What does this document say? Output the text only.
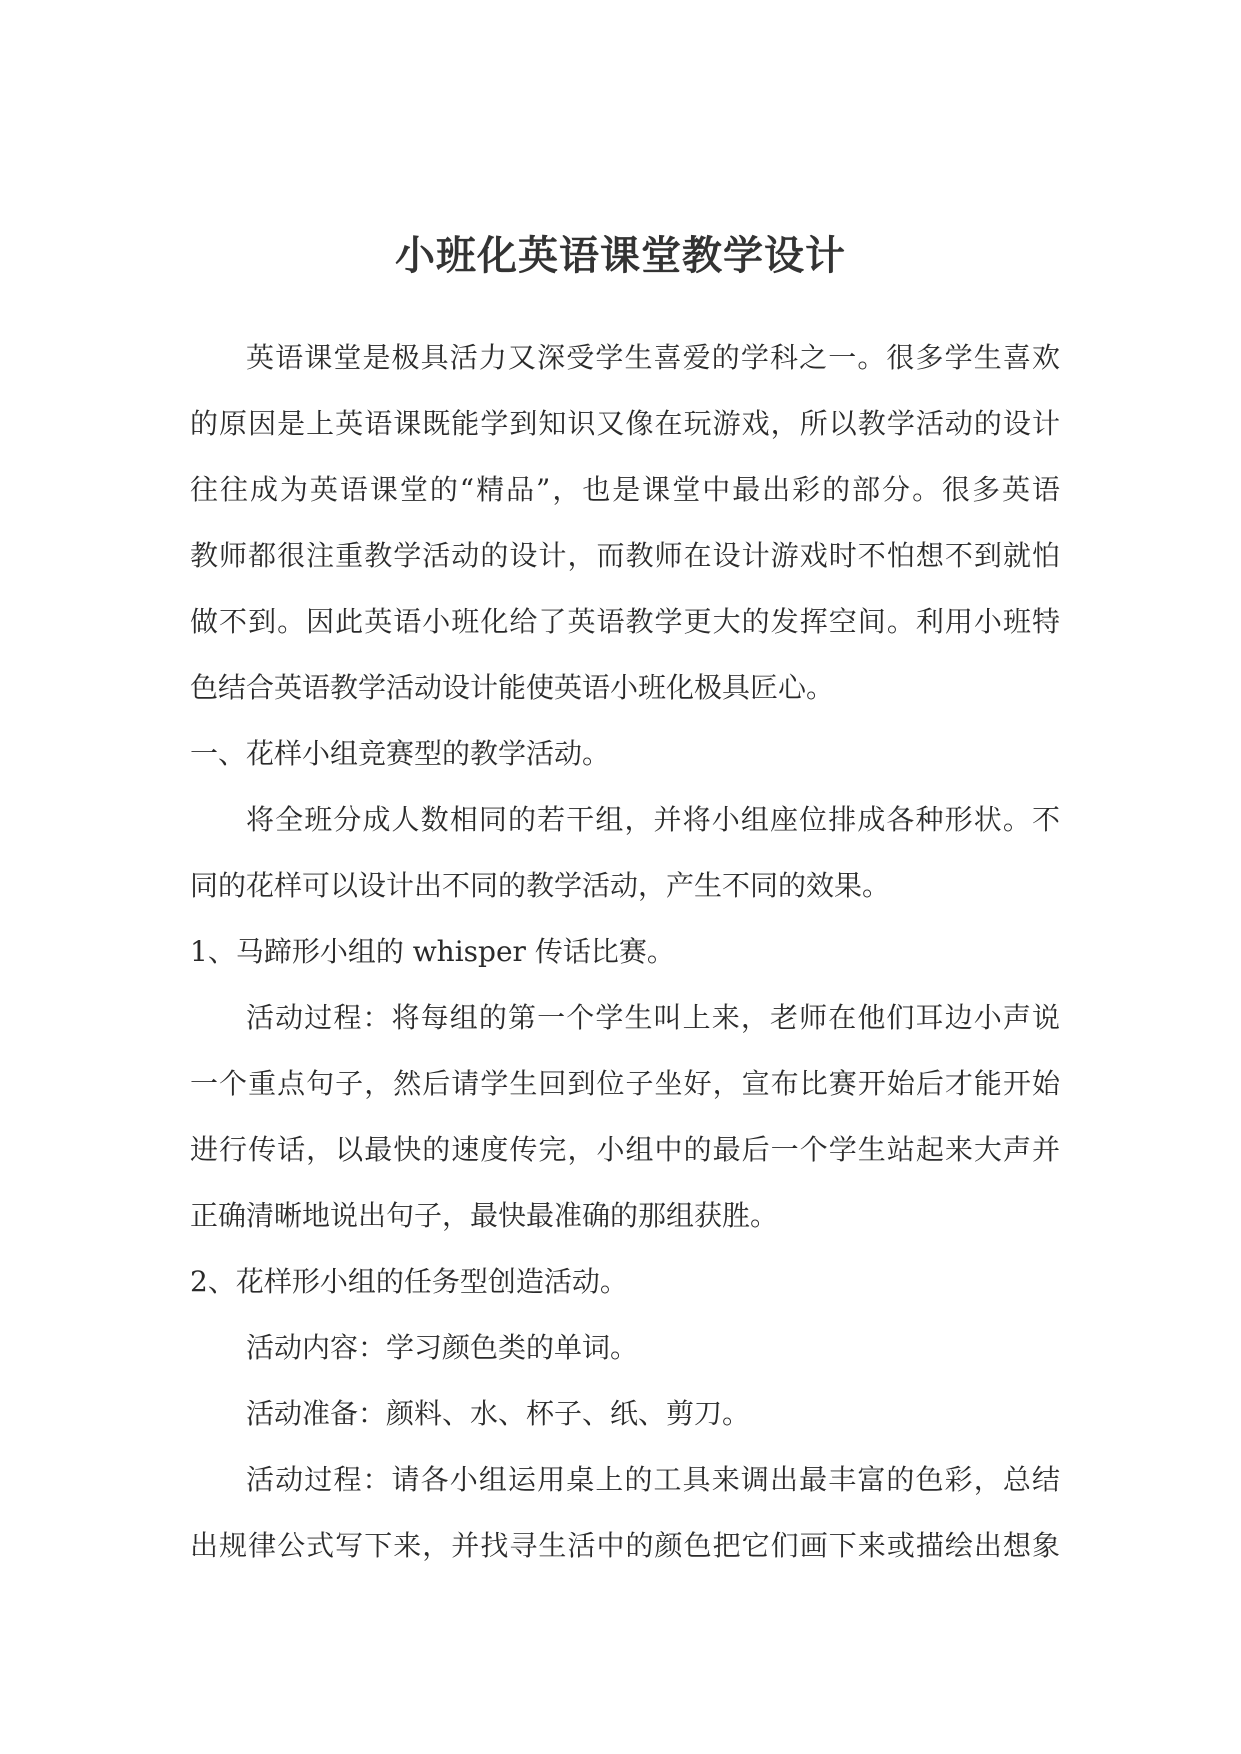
小班化英语课堂教学设计
英语课堂是极具活力又深受学生喜爱的学科之一。很多学生喜欢
的原因是上英语课既能学到知识又像在玩游戏，所以教学活动的设计
往往成为英语课堂的“精品”，也是课堂中最出彩的部分。很多英语
教师都很注重教学活动的设计，而教师在设计游戏时不怕想不到就怕
做不到。因此英语小班化给了英语教学更大的发挥空间。利用小班特
色结合英语教学活动设计能使英语小班化极具匠心。
一、花样小组竞赛型的教学活动。
将全班分成人数相同的若干组，并将小组座位排成各种形状。不
同的花样可以设计出不同的教学活动，产生不同的效果。
1、马蹄形小组的 whisper 传话比赛。
活动过程：将每组的第一个学生叫上来，老师在他们耳边小声说
一个重点句子，然后请学生回到位子坐好，宣布比赛开始后才能开始
进行传话，以最快的速度传完，小组中的最后一个学生站起来大声并
正确清晰地说出句子，最快最准确的那组获胜。
2、花样形小组的任务型创造活动。
活动内容：学习颜色类的单词。
活动准备：颜料、水、杯子、纸、剪刀。
活动过程：请各小组运用桌上的工具来调出最丰富的色彩，总结
出规律公式写下来，并找寻生活中的颜色把它们画下来或描绘出想象
